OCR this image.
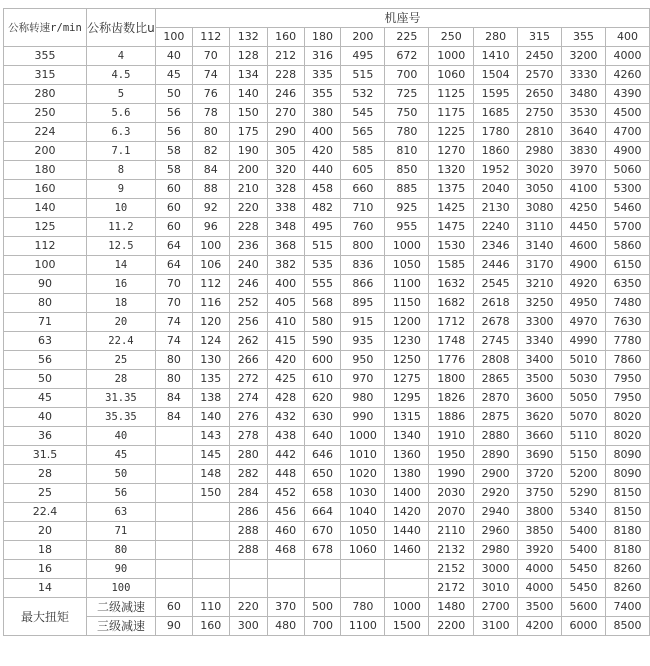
公称转速r/min	公称齿数比u	机座号											
		100	112	132	160	180	200	225	250	280	315	355	400
355	4	40	70	128	212	316	495	672	1000	1410	2450	3200	4000
315	4.5	45	74	134	228	335	515	700	1060	1504	2570	3330	4260
280	5	50	76	140	246	355	532	725	1125	1595	2650	3480	4390
250	5.6	56	78	150	270	380	545	750	1175	1685	2750	3530	4500
224	6.3	56	80	175	290	400	565	780	1225	1780	2810	3640	4700
200	7.1	58	82	190	305	420	585	810	1270	1860	2980	3830	4900
180	8	58	84	200	320	440	605	850	1320	1952	3020	3970	5060
160	9	60	88	210	328	458	660	885	1375	2040	3050	4100	5300
140	10	60	92	220	338	482	710	925	1425	2130	3080	4250	5460
125	11.2	60	96	228	348	495	760	955	1475	2240	3110	4450	5700
112	12.5	64	100	236	368	515	800	1000	1530	2346	3140	4600	5860
100	14	64	106	240	382	535	836	1050	1585	2446	3170	4900	6150
90	16	70	112	246	400	555	866	1100	1632	2545	3210	4920	6350
80	18	70	116	252	405	568	895	1150	1682	2618	3250	4950	7480
71	20	74	120	256	410	580	915	1200	1712	2678	3300	4970	7630
63	22.4	74	124	262	415	590	935	1230	1748	2745	3340	4990	7780
56	25	80	130	266	420	600	950	1250	1776	2808	3400	5010	7860
50	28	80	135	272	425	610	970	1275	1800	2865	3500	5030	7950
45	31.35	84	138	274	428	620	980	1295	1826	2870	3600	5050	7950
40	35.35	84	140	276	432	630	990	1315	1886	2875	3620	5070	8020
36	40		143	278	438	640	1000	1340	1910	2880	3660	5110	8020
31.5	45		145	280	442	646	1010	1360	1950	2890	3690	5150	8090
28	50		148	282	448	650	1020	1380	1990	2900	3720	5200	8090
25	56		150	284	452	658	1030	1400	2030	2920	3750	5290	8150
22.4	63			286	456	664	1040	1420	2070	2940	3800	5340	8150
20	71			288	460	670	1050	1440	2110	2960	3850	5400	8180
18	80			288	468	678	1060	1460	2132	2980	3920	5400	8180
16	90								2152	3000	4000	5450	8260
14	100								2172	3010	4000	5450	8260
最大扭矩	二级减速	60	110	220	370	500	780	1000	1480	2700	3500	5600	7400
	三级减速	90	160	300	480	700	1100	1500	2200	3100	4200	6000	8500
